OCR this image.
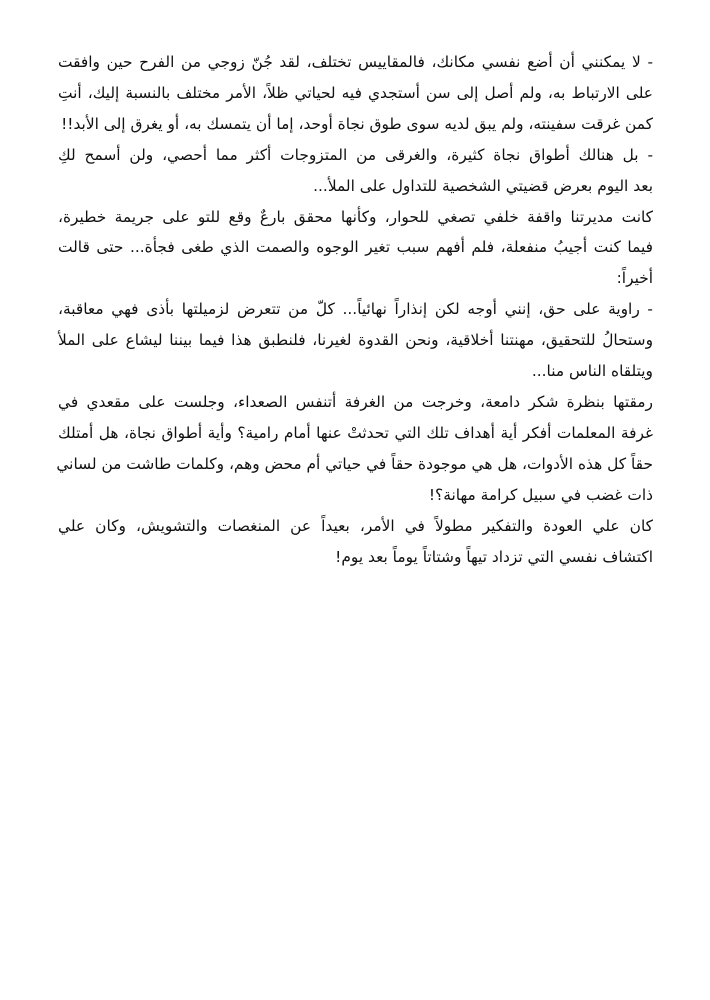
- لا يمكنني أن أضع نفسي مكانك، فالمقاييس تختلف، لقد جُنّ زوجي من الفرح حين وافقت
على الارتباط به، ولم أصل إلى سن أستجدي فيه لحياتي ظلاً، الأمر مختلف بالنسبة إليك، أنتِ
كمن غرقت سفينته، ولم يبق لديه سوى طوق نجاة أوحد، إما أن يتمسك به، أو يغرق إلى الأبد!!
- بل هنالك أطواق نجاة كثيرة، والغرقى من المتزوجات أكثر مما أحصي، ولن أسمح لكِ
بعد اليوم بعرض قضيتي الشخصية للتداول على الملأ...
كانت مديرتنا واقفة خلفي تصغي للحوار، وكأنها محقق بارعٌ وقع للتو على جريمة خطيرة،
فيما كنت أجيبُ منفعلة، فلم أفهم سبب تغير الوجوه والصمت الذي طغى فجأة... حتى قالت
أخيراً:
- راوية على حق، إنني أوجه لكن إنذاراً نهائياً... كلّ من تتعرض لزميلتها بأذى فهي معاقبة،
وستحالُ للتحقيق، مهنتنا أخلاقية، ونحن القدوة لغيرنا، فلنطبق هذا فيما بيننا ليشاع على الملأ
ويتلقاه الناس منا...
رمقتها بنظرة شكر دامعة، وخرجت من الغرفة أتنفس الصعداء، وجلست على مقعدي في
غرفة المعلمات أفكر أية أهداف تلك التي تحدثتْ عنها أمام رامية؟ وأية أطواق نجاة، هل أمتلك
حقاً كل هذه الأدوات، هل هي موجودة حقاً في حياتي أم محض وهم، وكلمات طاشت من لساني
ذات غضب في سبيل كرامة مهانة؟!
كان علي العودة والتفكير مطولاً في الأمر، بعيداً عن المنغصات والتشويش، وكان علي
اكتشاف نفسي التي تزداد تيهاً وشتاتاً يوماً بعد يوم!
